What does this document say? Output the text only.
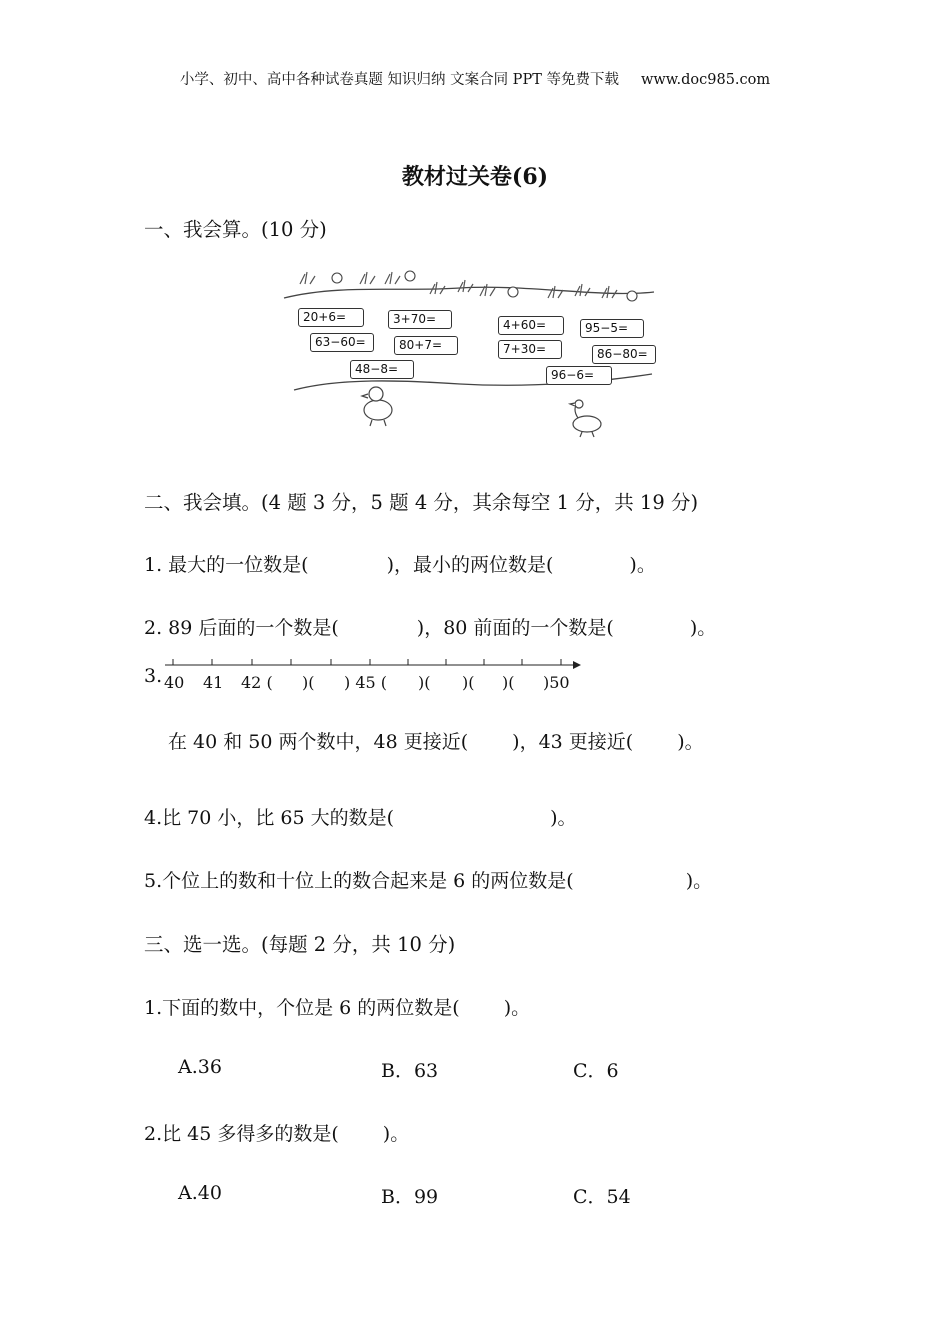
小学、初中、高中各种试卷真题 知识归纳 文案合同 PPT 等免费下载 www.doc985.com
教材过关卷(6)
一、我会算。(10 分)
20+6=	3+70=	4+60=	95−5=
63−60=	80+7=	7+30=	86−80=
48−8=	96−6=
二、我会填。(4 题 3 分，5 题 4 分，其余每空 1 分，共 19 分)
1. 最大的一位数是(	)，最小的两位数是(	)。
2. 89 后面的一个数是(	)，80 前面的一个数是(	)。
3. 40 41 42 ( )( ) 45 ( )( )( )( )50
在 40 和 50 两个数中，48 更接近( )，43 更接近( )。
4.比 70 小，比 65 大的数是(	)。
5.个位上的数和十位上的数合起来是 6 的两位数是(	)。
三、选一选。(每题 2 分，共 10 分)
1.下面的数中，个位是 6 的两位数是( )。
A.36	B．63	C．6
2.比 45 多得多的数是( )。
A.40	B．99	C．54
